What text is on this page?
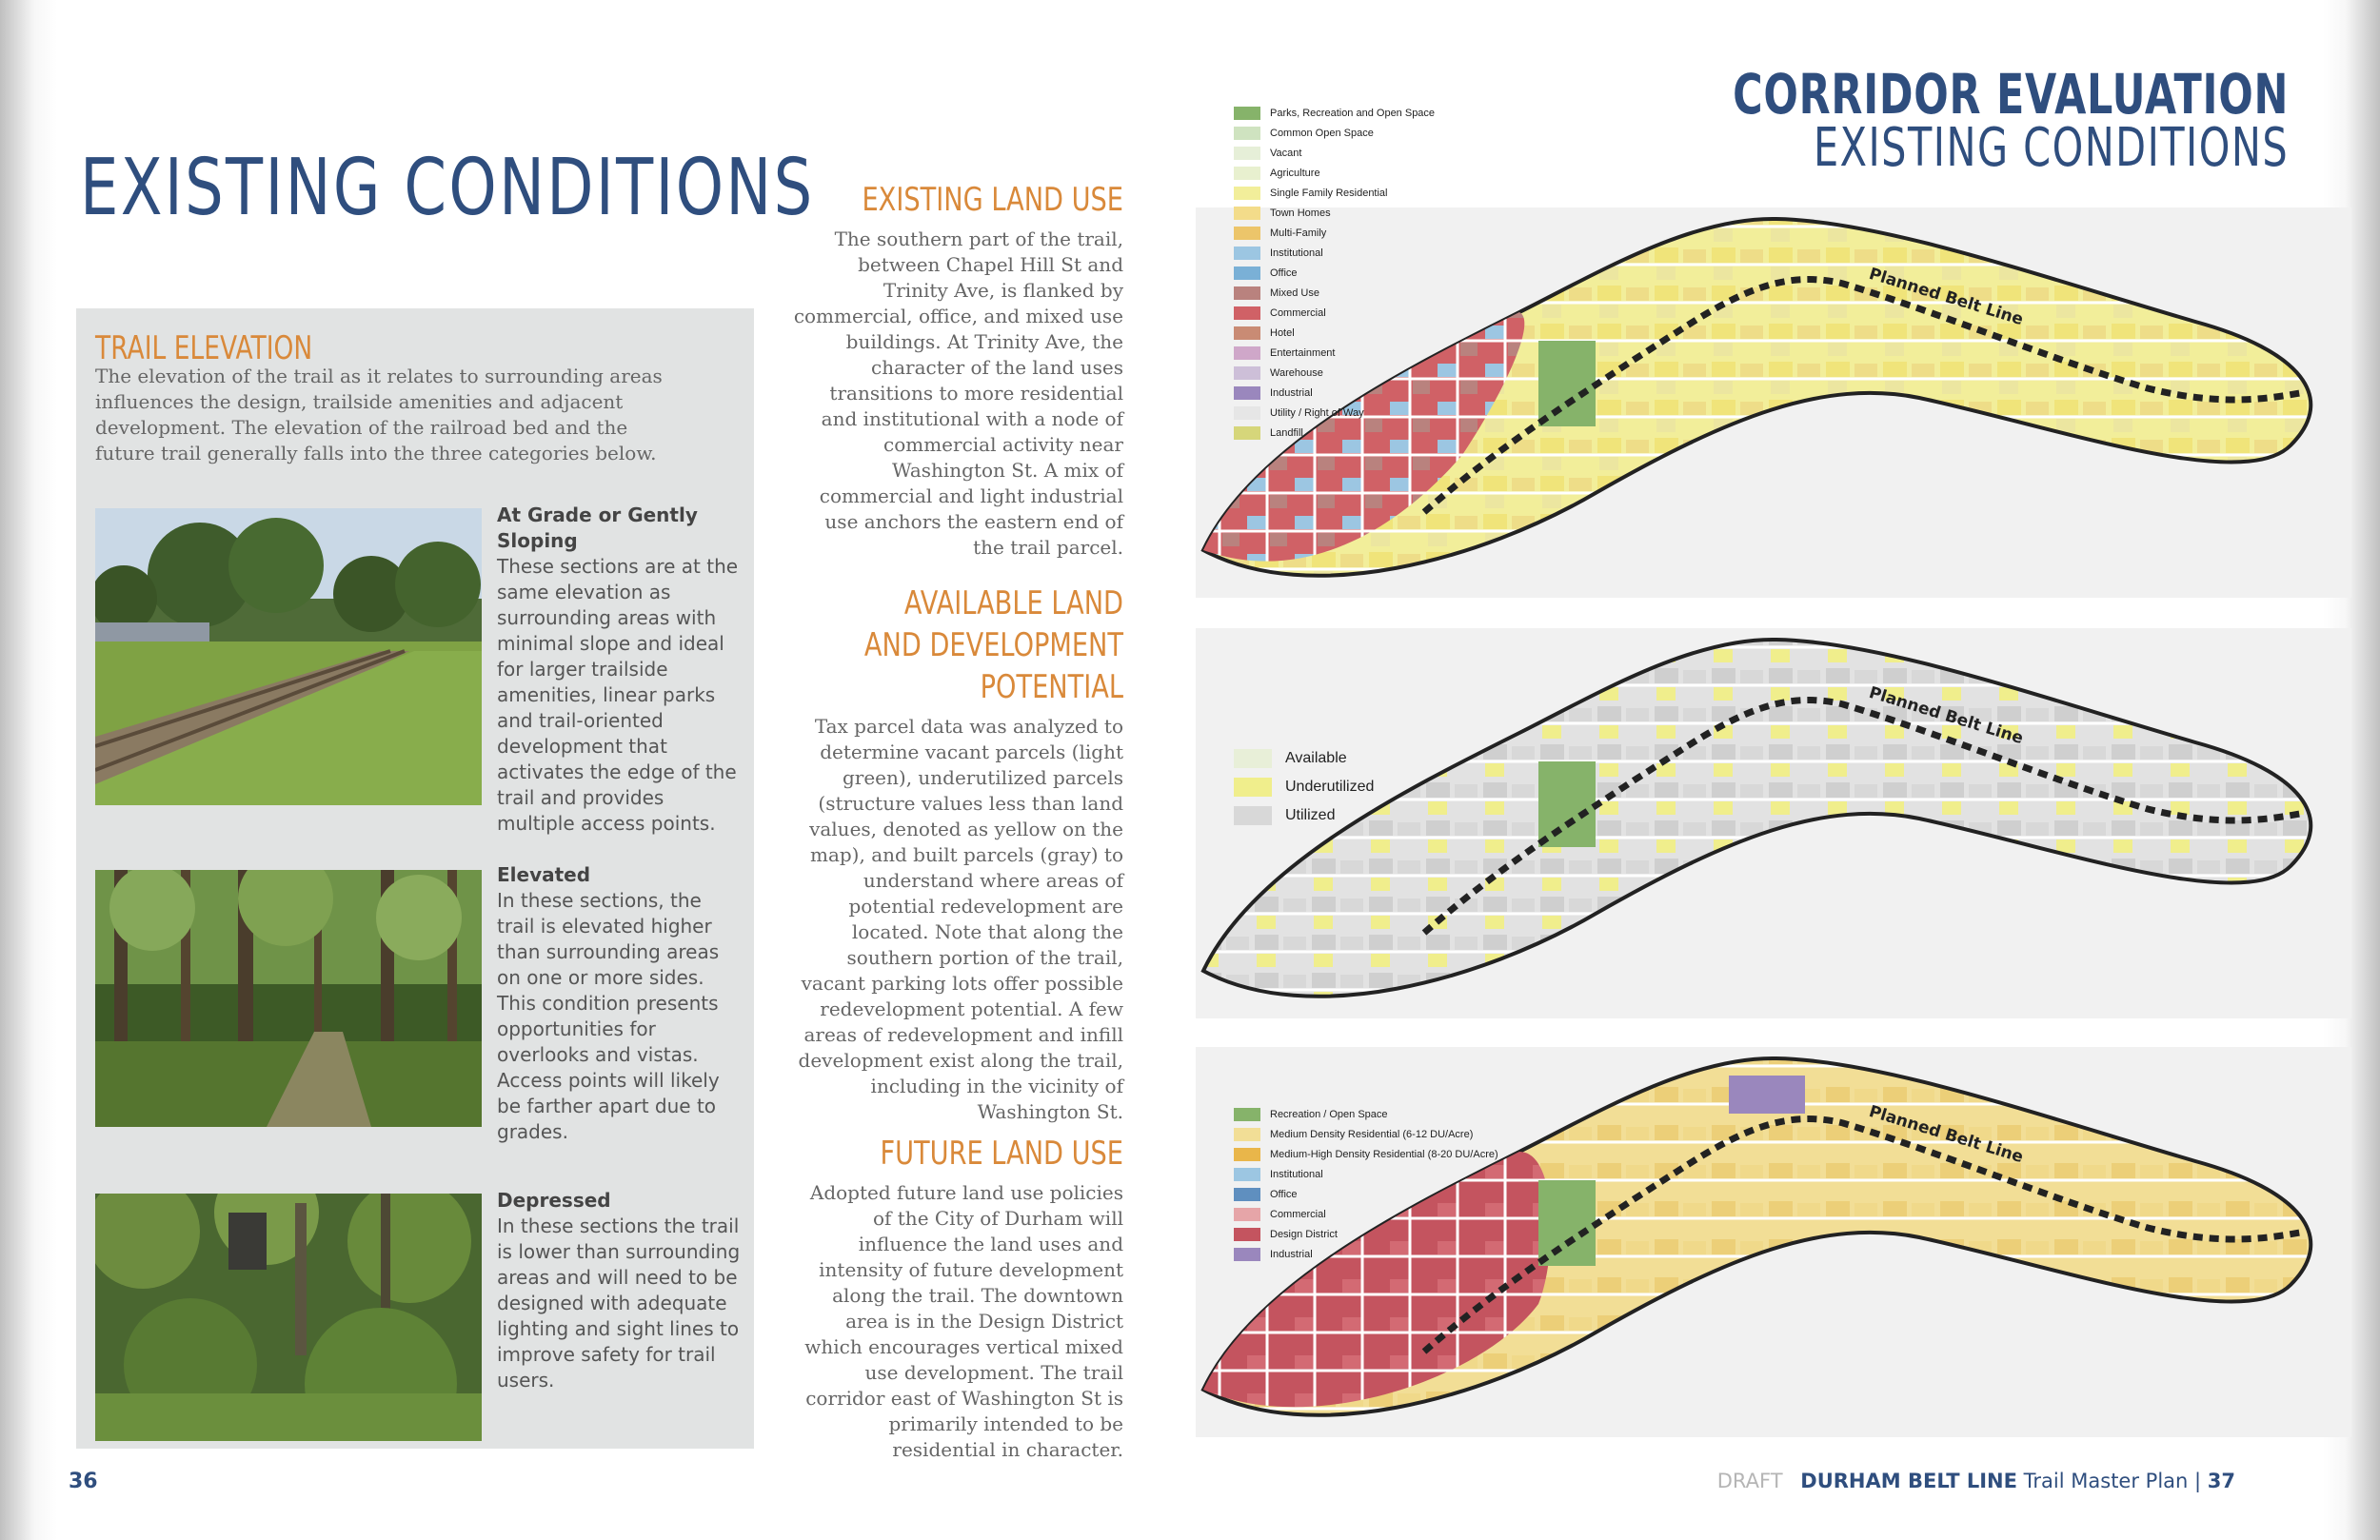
EXISTING CONDITIONS
TRAIL ELEVATION

The elevation of the trail as it relates to surrounding areas influences the design, trailside amenities and adjacent development. The elevation of the railroad bed and the future trail generally falls into the three categories below.

At Grade or Gently Sloping
These sections are at the same elevation as surrounding areas with minimal slope and ideal for larger trailside amenities, linear parks and trail-oriented development that activates the edge of the trail and provides multiple access points.
Elevated
In these sections, the trail is elevated higher than surrounding areas on one or more sides. This condition presents opportunities for overlooks and vistas. Access points will likely be farther apart due to grades.
Depressed
In these sections the trail is lower than surrounding areas and will need to be designed with adequate lighting and sight lines to improve safety for trail users.
36
EXISTING LAND USE

The southern part of the trail, between Chapel Hill St and Trinity Ave, is flanked by commercial, office, and mixed use buildings. At Trinity Ave, the character of the land uses transitions to more residential and institutional with a node of commercial activity near Washington St. A mix of commercial and light industrial use anchors the eastern end of the trail parcel.

AVAILABLE LAND AND DEVELOPMENT POTENTIAL

Tax parcel data was analyzed to determine vacant parcels (light green), underutilized parcels (structure values less than land values, denoted as yellow on the map), and built parcels (gray) to understand where areas of potential redevelopment are located. Note that along the southern portion of the trail, vacant parking lots offer possible redevelopment potential. A few areas of redevelopment and infill development exist along the trail, including in the vicinity of Washington St.

FUTURE LAND USE

Adopted future land use policies of the City of Durham will influence the land uses and intensity of future development along the trail. The downtown area is in the Design District which encourages vertical mixed use development. The trail corridor east of Washington St is primarily intended to be residential in character.

CORRIDOR EVALUATION
EXISTING CONDITIONS
Parks, Recreation and Open Space
Common Open Space
Vacant
Agriculture
Single Family Residential
Town Homes
Multi-Family
Institutional
Office
Mixed Use
Commercial
Hotel
Entertainment
Warehouse
Industrial
Utility / Right of Way
Landfill
Available
Underutilized
Utilized
Recreation / Open Space
Medium Density Residential (6-12 DU/Acre)
Medium-High Density Residential (8-20 DU/Acre)
Institutional
Office
Commercial
Design District
Industrial
Planned Belt Line
Planned Belt Line
Planned Belt Line
DRAFT DURHAM BELT LINE Trail Master Plan | 37
